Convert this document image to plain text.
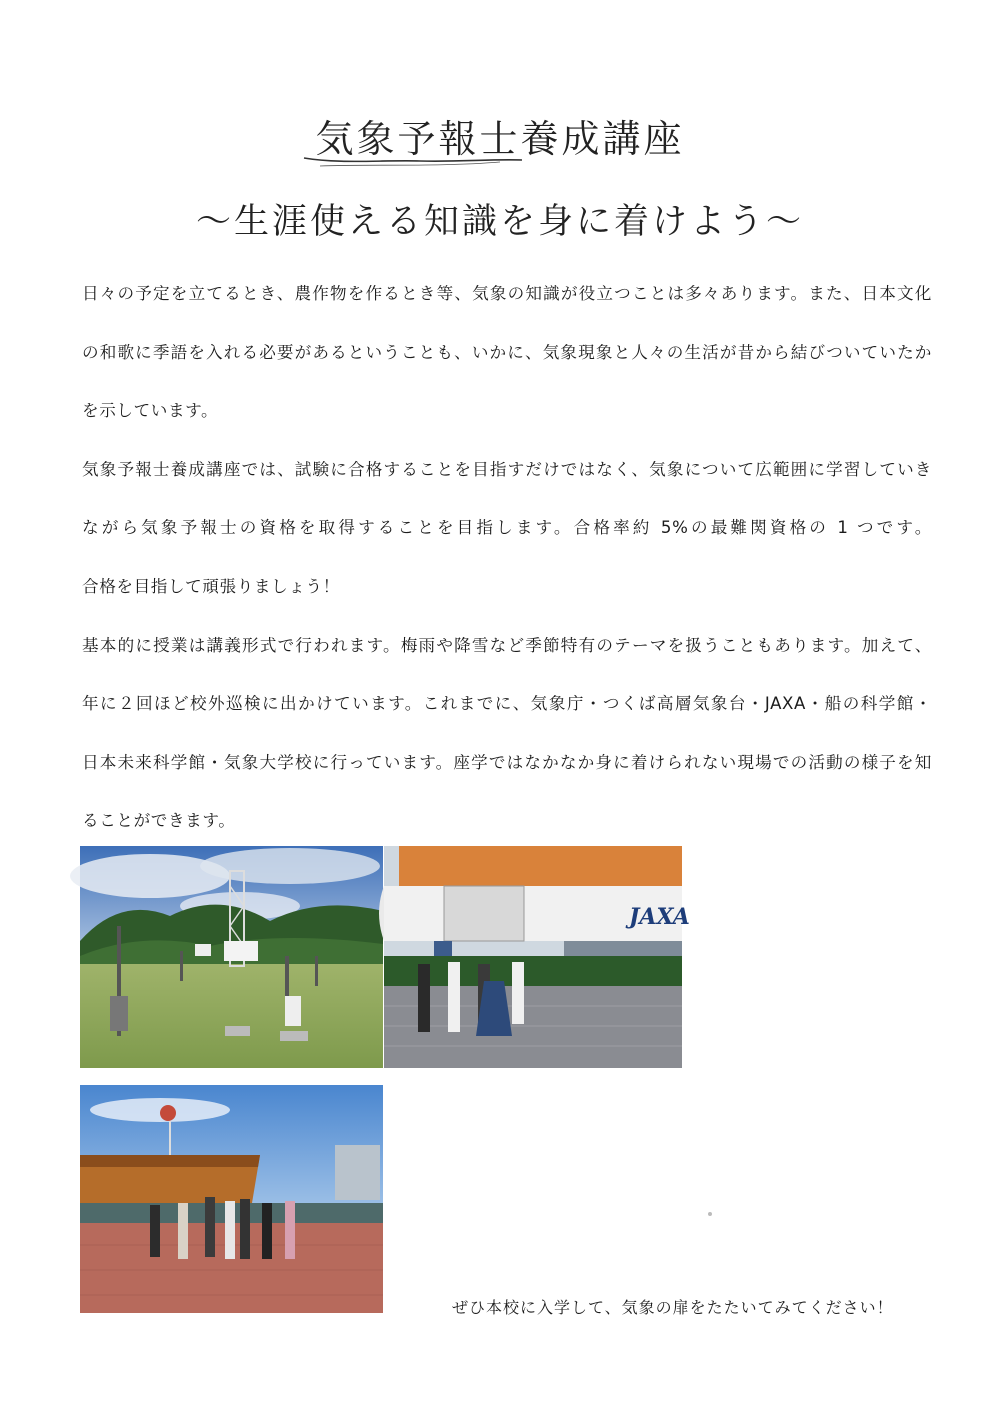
気象予報士養成講座
〜生涯使える知識を身に着けよう〜
日々の予定を立てるとき、農作物を作るとき等、気象の知識が役立つことは多々あります。また、日本文化
の和歌に季語を入れる必要があるということも、いかに、気象現象と人々の生活が昔から結びついていたか
を示しています。
気象予報士養成講座では、試験に合格することを目指すだけではなく、気象について広範囲に学習していき
ながら気象予報士の資格を取得することを目指します。合格率約 5%の最難関資格の 1 つです。
合格を目指して頑張りましょう！
基本的に授業は講義形式で行われます。梅雨や降雪など季節特有のテーマを扱うこともあります。加えて、
年に２回ほど校外巡検に出かけています。これまでに、気象庁・つくば高層気象台・JAXA・船の科学館・
日本未来科学館・気象大学校に行っています。座学ではなかなか身に着けられない現場での活動の様子を知
ることができます。
JAXA
ぜひ本校に入学して、気象の扉をたたいてみてください！
